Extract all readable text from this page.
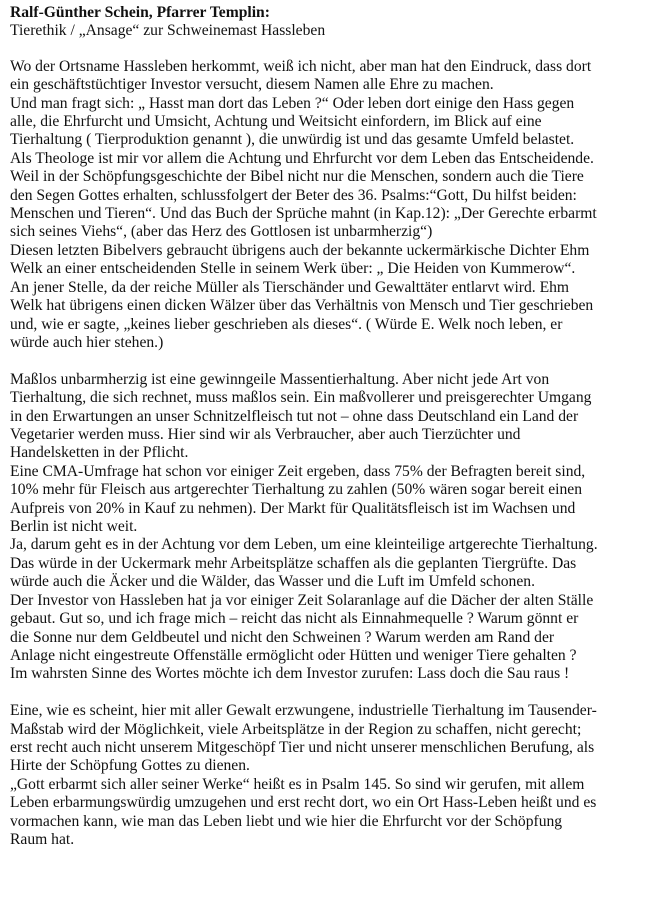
Ralf-Günther Schein, Pfarrer Templin:

Tierethik / „Ansage“ zur Schweinemast Hassleben

Wo der Ortsname Hassleben herkommt, weiß ich nicht, aber man hat den Eindruck, dass dort
ein geschäftstüchtiger Investor versucht, diesem Namen alle Ehre zu machen.

Und man fragt sich: „ Hasst man dort das Leben ?“ Oder leben dort einige den Hass gegen
alle, die Ehrfurcht und Umsicht, Achtung und Weitsicht einfordern, im Blick auf eine
Tierhaltung ( Tierproduktion genannt ), die unwürdig ist und das gesamte Umfeld belastet.

Als Theologe ist mir vor allem die Achtung und Ehrfurcht vor dem Leben das Entscheidende.
Weil in der Schöpfungsgeschichte der Bibel nicht nur die Menschen, sondern auch die Tiere
den Segen Gottes erhalten, schlussfolgert der Beter des 36. Psalms:“Gott, Du hilfst beiden:
Menschen und Tieren“. Und das Buch der Sprüche mahnt (in Kap.12): „Der Gerechte erbarmt
sich seines Viehs“, (aber das Herz des Gottlosen ist unbarmherzig“)

Diesen letzten Bibelvers gebraucht übrigens auch der bekannte uckermärkische Dichter Ehm
Welk an einer entscheidenden Stelle in seinem Werk über: „ Die Heiden von Kummerow“.
An jener Stelle, da der reiche Müller als Tierschänder und Gewalttäter entlarvt wird. Ehm
Welk hat übrigens einen dicken Wälzer über das Verhältnis von Mensch und Tier geschrieben
und, wie er sagte, „keines lieber geschrieben als dieses“. ( Würde E. Welk noch leben, er
würde auch hier stehen.)

Maßlos unbarmherzig ist eine gewinngeile Massentierhaltung. Aber nicht jede Art von
Tierhaltung, die sich rechnet, muss maßlos sein. Ein maßvollerer und preisgerechter Umgang
in den Erwartungen an unser Schnitzelfleisch tut not – ohne dass Deutschland ein Land der
Vegetarier werden muss. Hier sind wir als Verbraucher, aber auch Tierzüchter und
Handelsketten in der Pflicht.

Eine CMA-Umfrage hat schon vor einiger Zeit ergeben, dass 75% der Befragten bereit sind,
10% mehr für Fleisch aus artgerechter Tierhaltung zu zahlen (50% wären sogar bereit einen
Aufpreis von 20% in Kauf zu nehmen). Der Markt für Qualitätsfleisch ist im Wachsen und
Berlin ist nicht weit.

Ja, darum geht es in der Achtung vor dem Leben, um eine kleinteilige artgerechte Tierhaltung.
Das würde in der Uckermark mehr Arbeitsplätze schaffen als die geplanten Tiergrüfte. Das
würde auch die Äcker und die Wälder, das Wasser und die Luft im Umfeld schonen.

Der Investor von Hassleben hat ja vor einiger Zeit Solaranlage auf die Dächer der alten Ställe
gebaut. Gut so, und ich frage mich – reicht das nicht als Einnahmequelle ? Warum gönnt er
die Sonne nur dem Geldbeutel und nicht den Schweinen ? Warum werden am Rand der
Anlage nicht eingestreute Offenställe ermöglicht oder Hütten und weniger Tiere gehalten ?
Im wahrsten Sinne des Wortes möchte ich dem Investor zurufen: Lass doch die Sau raus !

Eine, wie es scheint, hier mit aller Gewalt erzwungene, industrielle Tierhaltung im Tausender-
Maßstab wird der Möglichkeit, viele Arbeitsplätze in der Region zu schaffen, nicht gerecht;
erst recht auch nicht unserem Mitgeschöpf Tier und nicht unserer menschlichen Berufung, als
Hirte der Schöpfung Gottes zu dienen.

„Gott erbarmt sich aller seiner Werke“ heißt es in Psalm 145. So sind wir gerufen, mit allem
Leben erbarmungswürdig umzugehen und erst recht dort, wo ein Ort Hass-Leben heißt und es
vormachen kann, wie man das Leben liebt und wie hier die Ehrfurcht vor der Schöpfung
Raum hat.
